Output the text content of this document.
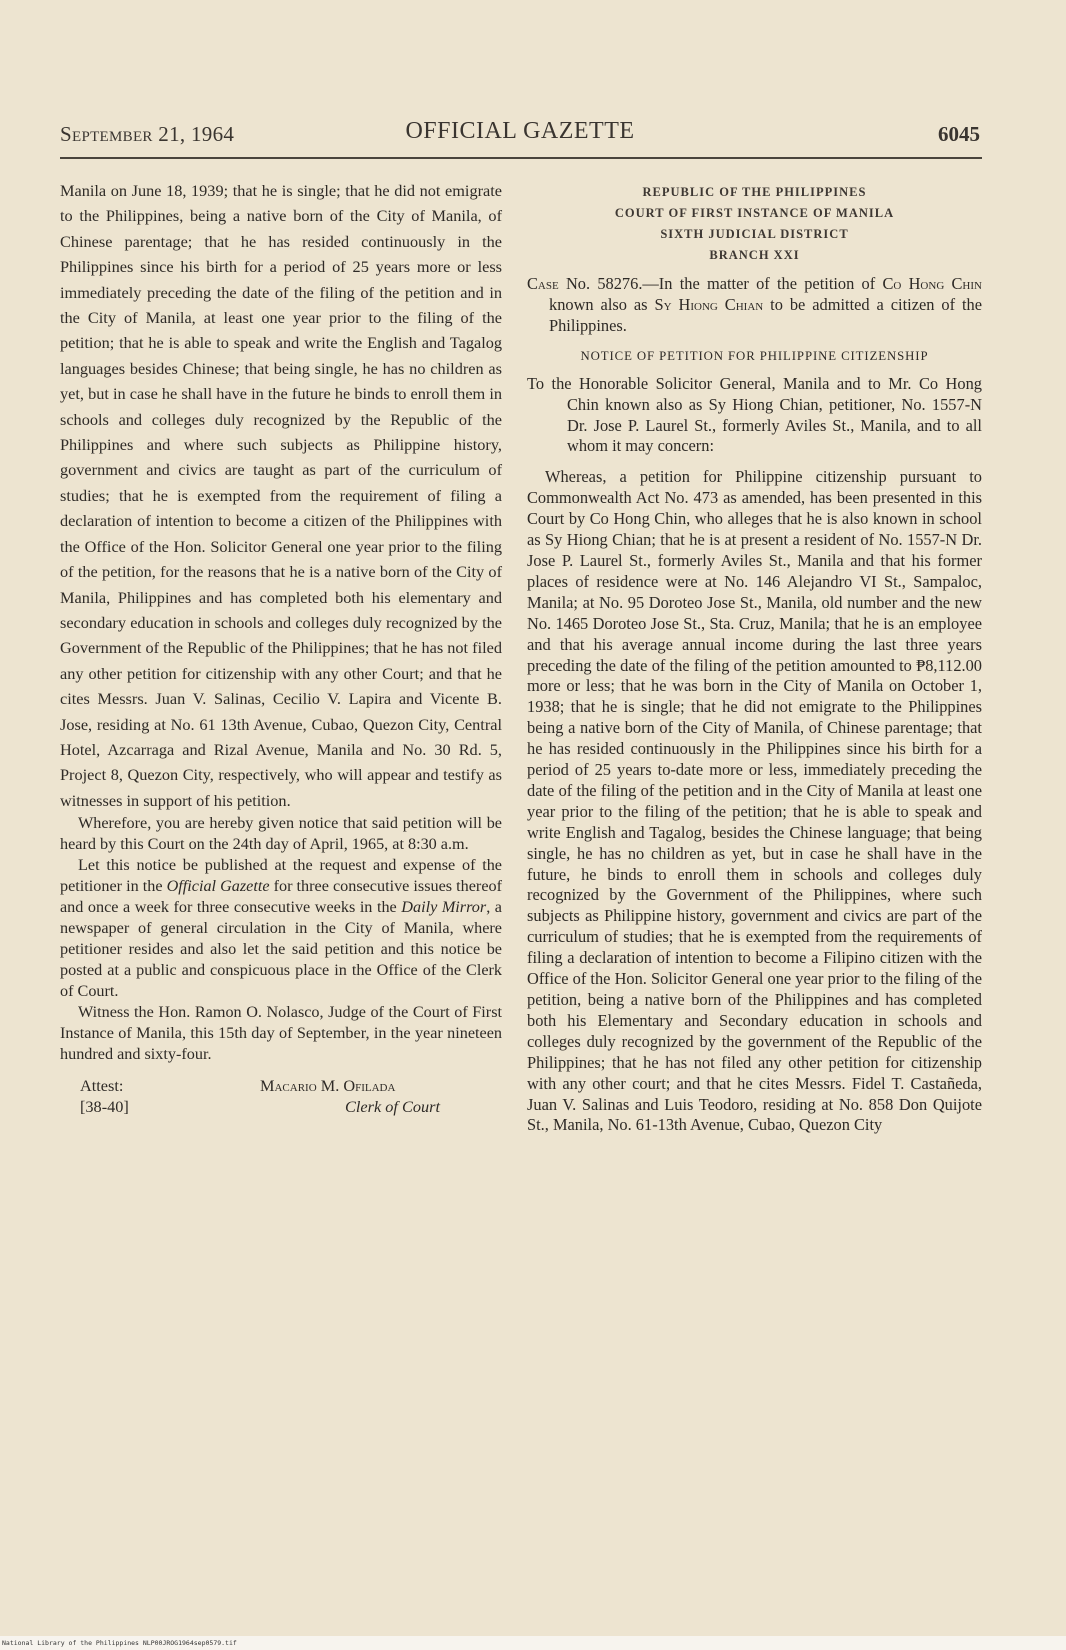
September 21, 1964	OFFICIAL GAZETTE	6045

Manila on June 18, 1939; that he is single; that he did not emigrate to the Philippines, being a native born of the City of Manila, of Chinese parentage; that he has resided continuously in the Philippines since his birth for a period of 25 years more or less immediately preceding the date of the filing of the petition and in the City of Manila, at least one year prior to the filing of the petition; that he is able to speak and write the English and Tagalog languages besides Chinese; that being single, he has no children as yet, but in case he shall have in the future he binds to enroll them in schools and colleges duly recognized by the Republic of the Philippines and where such subjects as Philippine history, government and civics are taught as part of the curriculum of studies; that he is exempted from the requirement of filing a declaration of intention to become a citizen of the Philippines with the Office of the Hon. Solicitor General one year prior to the filing of the petition, for the reasons that he is a native born of the City of Manila, Philippines and has completed both his elementary and secondary education in schools and colleges duly recognized by the Government of the Republic of the Philippines; that he has not filed any other petition for citizenship with any other Court; and that he cites Messrs. Juan V. Salinas, Cecilio V. Lapira and Vicente B. Jose, residing at No. 61 13th Avenue, Cubao, Quezon City, Central Hotel, Azcarraga and Rizal Avenue, Manila and No. 30 Rd. 5, Project 8, Quezon City, respectively, who will appear and testify as witnesses in support of his petition.

Wherefore, you are hereby given notice that said petition will be heard by this Court on the 24th day of April, 1965, at 8:30 a.m.

Let this notice be published at the request and expense of the petitioner in the Official Gazette for three consecutive issues thereof and once a week for three consecutive weeks in the Daily Mirror, a newspaper of general circulation in the City of Manila, where petitioner resides and also let the said petition and this notice be posted at a public and conspicuous place in the Office of the Clerk of Court.

Witness the Hon. Ramon O. Nolasco, Judge of the Court of First Instance of Manila, this 15th day of September, in the year nineteen hundred and sixty-four.

Attest:
[38-40]
Macario M. Ofilada
Clerk of Court
REPUBLIC OF THE PHILIPPINES
COURT OF FIRST INSTANCE OF MANILA
SIXTH JUDICIAL DISTRICT
BRANCH XXI

Case No. 58276.—In the matter of the petition of Co Hong Chin known also as Sy Hiong Chian to be admitted a citizen of the Philippines.

NOTICE OF PETITION FOR PHILIPPINE CITIZENSHIP

To the Honorable Solicitor General, Manila and to Mr. Co Hong Chin known also as Sy Hiong Chian, petitioner, No. 1557-N Dr. Jose P. Laurel St., formerly Aviles St., Manila, and to all whom it may concern:

Whereas, a petition for Philippine citizenship pursuant to Commonwealth Act No. 473 as amended, has been presented in this Court by Co Hong Chin, who alleges that he is also known in school as Sy Hiong Chian; that he is at present a resident of No. 1557-N Dr. Jose P. Laurel St., formerly Aviles St., Manila and that his former places of residence were at No. 146 Alejandro VI St., Sampaloc, Manila; at No. 95 Doroteo Jose St., Manila, old number and the new No. 1465 Doroteo Jose St., Sta. Cruz, Manila; that he is an employee and that his average annual income during the last three years preceding the date of the filing of the petition amounted to ₱8,112.00 more or less; that he was born in the City of Manila on October 1, 1938; that he is single; that he did not emigrate to the Philippines being a native born of the City of Manila, of Chinese parentage; that he has resided continuously in the Philippines since his birth for a period of 25 years to-date more or less, immediately preceding the date of the filing of the petition and in the City of Manila at least one year prior to the filing of the petition; that he is able to speak and write English and Tagalog, besides the Chinese language; that being single, he has no children as yet, but in case he shall have in the future, he binds to enroll them in schools and colleges duly recognized by the Government of the Philippines, where such subjects as Philippine history, government and civics are part of the curriculum of studies; that he is exempted from the requirements of filing a declaration of intention to become a Filipino citizen with the Office of the Hon. Solicitor General one year prior to the filing of the petition, being a native born of the Philippines and has completed both his Elementary and Secondary education in schools and colleges duly recognized by the government of the Republic of the Philippines; that he has not filed any other petition for citizenship with any other court; and that he cites Messrs. Fidel T. Castañeda, Juan V. Salinas and Luis Teodoro, residing at No. 858 Don Quijote St., Manila, No. 61-13th Avenue, Cubao, Quezon City

National Library of the Philippines NLP00JROG1964sep0579.tif
